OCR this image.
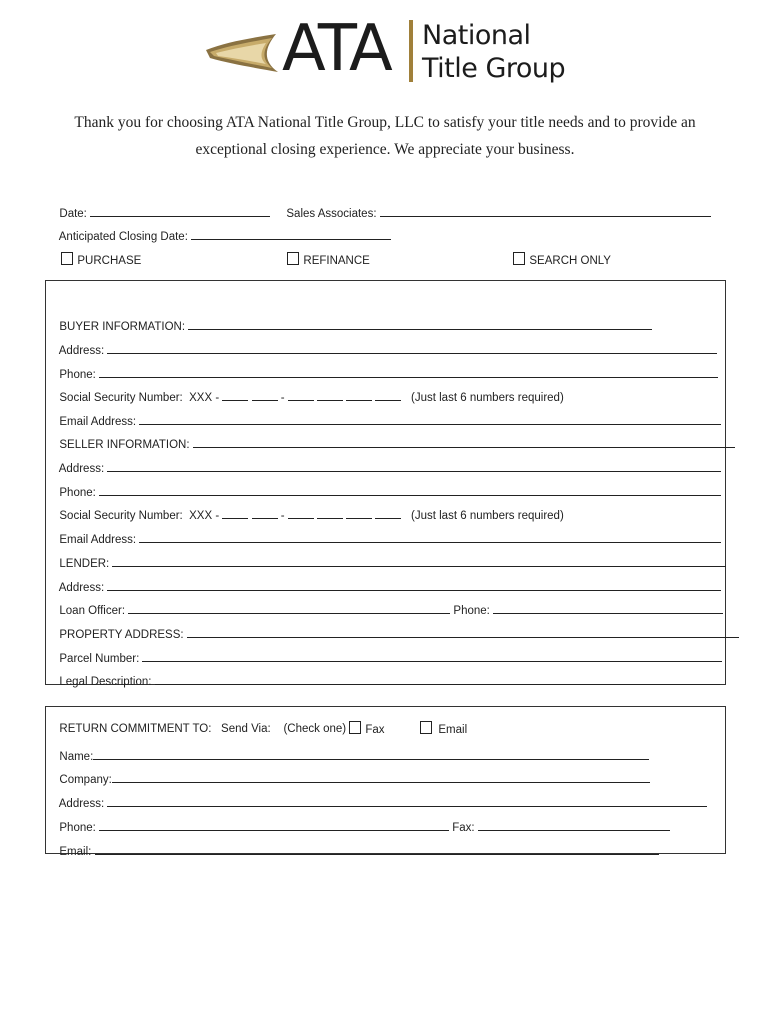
ATA National
Title Group
Thank you for choosing ATA National Title Group, LLC to satisfy your title needs and to provide an
exceptional closing experience. We appreciate your business.

Date:	Sales Associates:

Anticipated Closing Date:

PURCHASE	REFINANCE	SEARCH ONLY

BUYER INFORMATION:

Address:

Phone:

Social Security Number:  XXX -	-	(Just last 6 numbers required)

Email Address:

SELLER INFORMATION:

Address:

Phone:

Social Security Number:  XXX -	-	(Just last 6 numbers required)

Email Address:

LENDER:

Address:

Loan Officer:	Phone:

PROPERTY ADDRESS:

Parcel Number:

Legal Description:

RETURN COMMITMENT TO:   Send Via:    (Check one)	Fax	Email

Name:

Company:

Address:

Phone:	Fax:

Email:
